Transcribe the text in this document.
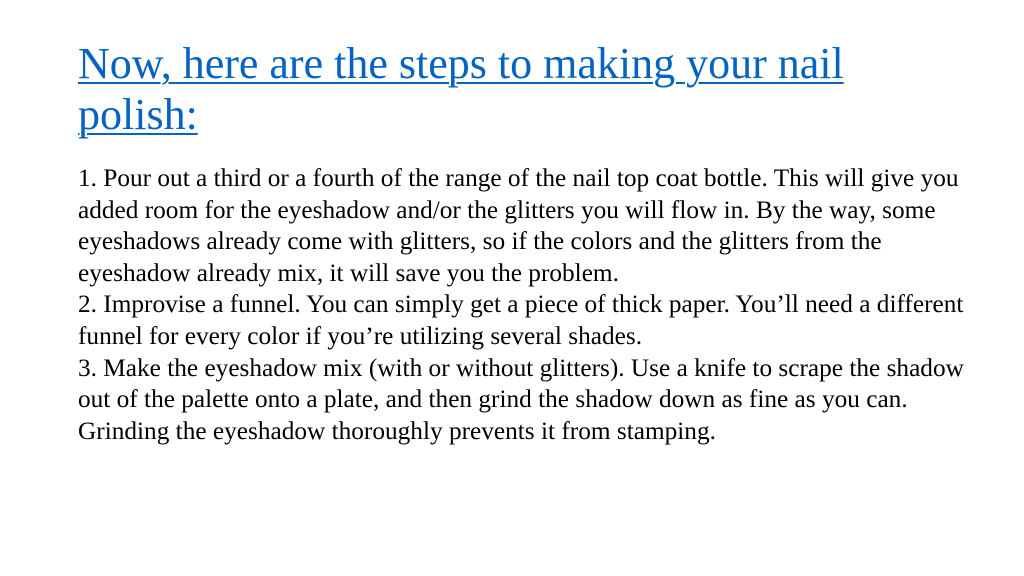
Now, here are the steps to making your nail polish:

1. Pour out a third or a fourth of the range of the nail top coat bottle. This will give you added room for the eyeshadow and/or the glitters you will flow in. By the way, some eyeshadows already come with glitters, so if the colors and the glitters from the eyeshadow already mix, it will save you the problem.

2. Improvise a funnel. You can simply get a piece of thick paper. You’ll need a different funnel for every color if you’re utilizing several shades.

3. Make the eyeshadow mix (with or without glitters). Use a knife to scrape the shadow out of the palette onto a plate, and then grind the shadow down as fine as you can. Grinding the eyeshadow thoroughly prevents it from stamping.
